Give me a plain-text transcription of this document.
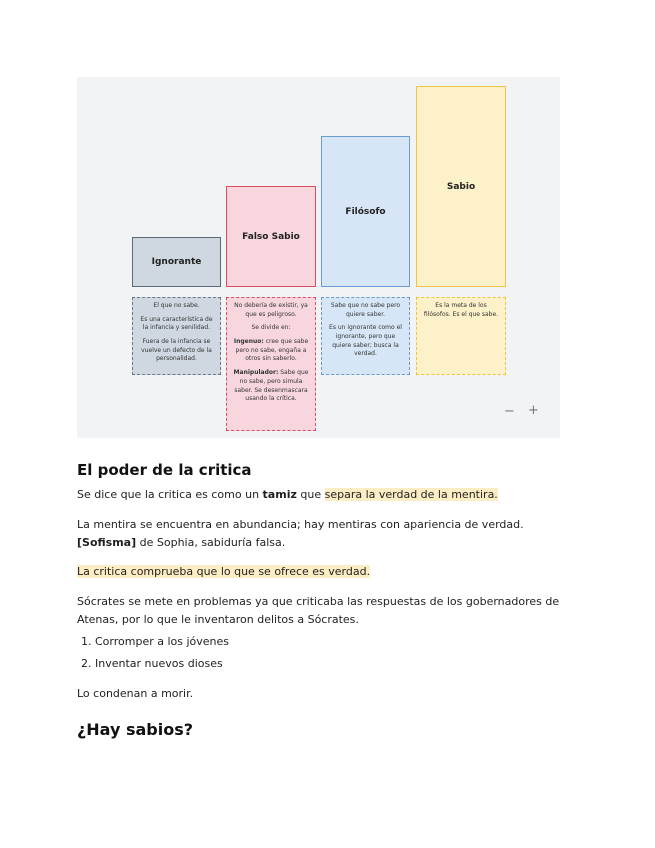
Ignorante
Falso Sabio
Filósofo
Sabio

El que no sabe.

Es una característica de la infancia y senilidad.

Fuera de la infancia se vuelve un defecto de la personalidad.

No debería de existir, ya que es peligroso.

Se divide en:

Ingenuo: cree que sabe pero no sabe, engaña a otros sin saberlo.

Manipulador: Sabe que no sabe, pero simula saber. Se desenmascara usando la crítica.

Sabe que no sabe pero quiere saber.

Es un ignorante como el ignorante, pero que quiere saber; busca la verdad.

Es la meta de los filósofos. Es el que sabe.

− +
El poder de la critica

Se dice que la critica es como un tamiz que separa la verdad de la mentira.

La mentira se encuentra en abundancia; hay mentiras con apariencia de verdad. [Sofisma] de Sophia, sabiduría falsa.

La critica comprueba que lo que se ofrece es verdad.

Sócrates se mete en problemas ya que criticaba las respuestas de los gobernadores de Atenas, por lo que le inventaron delitos a Sócrates.

1. Corromper a los jóvenes
2. Inventar nuevos dioses

Lo condenan a morir.

¿Hay sabios?
